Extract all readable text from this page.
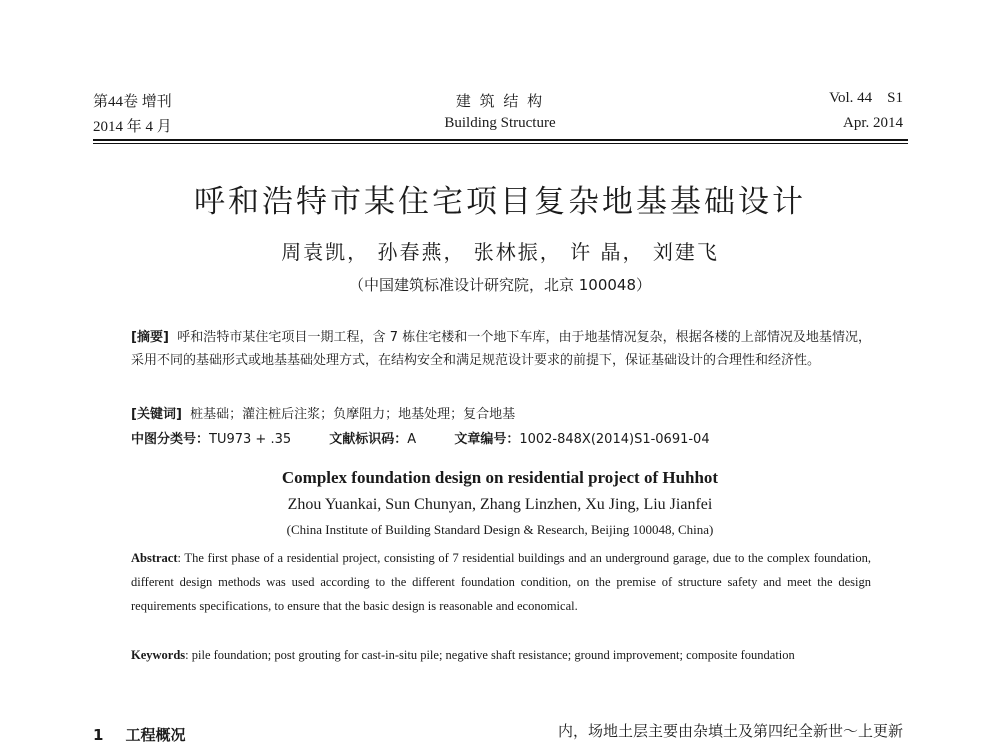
第44卷 增刊
2014 年 4 月
建 筑 结 构
Building Structure
Vol. 44    S1
Apr. 2014
呼和浩特市某住宅项目复杂地基基础设计
周袁凯， 孙春燕， 张林振， 许 晶， 刘建飞
（中国建筑标准设计研究院，北京 100048）
[摘要] 呼和浩特市某住宅项目一期工程，含 7 栋住宅楼和一个地下车库，由于地基情况复杂，根据各楼的上部情况及地基情况，采用不同的基础形式或地基基础处理方式，在结构安全和满足规范设计要求的前提下，保证基础设计的合理性和经济性。
[关键词] 桩基础；灌注桩后注浆；负摩阻力；地基处理；复合地基
中图分类号：TU973 + .35	文献标识码：A	文章编号：1002-848X(2014)S1-0691-04
Complex foundation design on residential project of Huhhot
Zhou Yuankai, Sun Chunyan, Zhang Linzhen, Xu Jing, Liu Jianfei
(China Institute of Building Standard Design & Research, Beijing 100048, China)
Abstract: The first phase of a residential project, consisting of 7 residential buildings and an underground garage, due to the complex foundation, different design methods was used according to the different foundation condition, on the premise of structure safety and meet the design requirements specifications, to ensure that the basic design is reasonable and economical.
Keywords: pile foundation; post grouting for cast-in-situ pile; negative shaft resistance; ground improvement; composite foundation
1 工程概况	内，场地土层主要由杂填土及第四纪全新世～上更新
